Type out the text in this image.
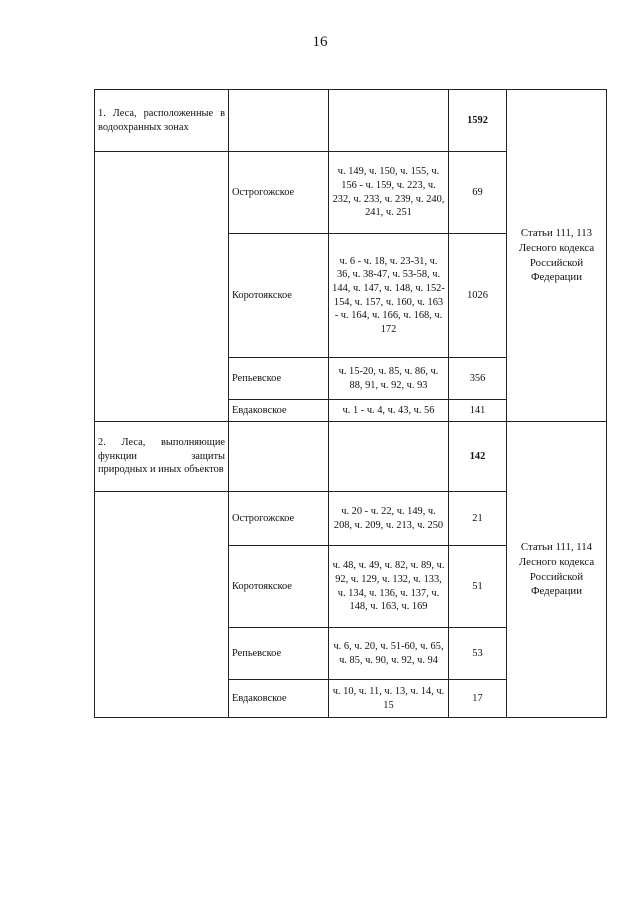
16
1. Леса, расположенные в водоохранных зонах			1592	Статьи 111, 113 Лесного кодекса Российской Федерации
	Острогожское	ч. 149, ч. 150, ч. 155, ч. 156 - ч. 159, ч. 223, ч. 232, ч. 233, ч. 239, ч. 240, 241, ч. 251	69	
	Коротоякское	ч. 6 - ч. 18, ч. 23-31, ч. 36, ч. 38-47, ч. 53-58, ч. 144, ч. 147, ч. 148, ч. 152-154, ч. 157, ч. 160, ч. 163 - ч. 164, ч. 166, ч. 168, ч. 172	1026	
	Репьевское	ч. 15-20, ч. 85, ч. 86, ч. 88, 91, ч. 92, ч. 93	356	
	Евдаковское	ч. 1 - ч. 4, ч. 43, ч. 56	141	
2. Леса, выполняющие функции защиты природных и иных объектов			142	Статьи 111, 114 Лесного кодекса Российской Федерации
	Острогожское	ч. 20 - ч. 22, ч. 149, ч. 208, ч. 209, ч. 213, ч. 250	21	
	Коротоякское	ч. 48, ч. 49, ч. 82, ч. 89, ч. 92, ч. 129, ч. 132, ч. 133, ч. 134, ч. 136, ч. 137, ч. 148, ч. 163, ч. 169	51	
	Репьевское	ч. 6, ч. 20, ч. 51-60, ч. 65, ч. 85, ч. 90, ч. 92, ч. 94	53	
	Евдаковское	ч. 10, ч. 11, ч. 13, ч. 14, ч. 15	17	
